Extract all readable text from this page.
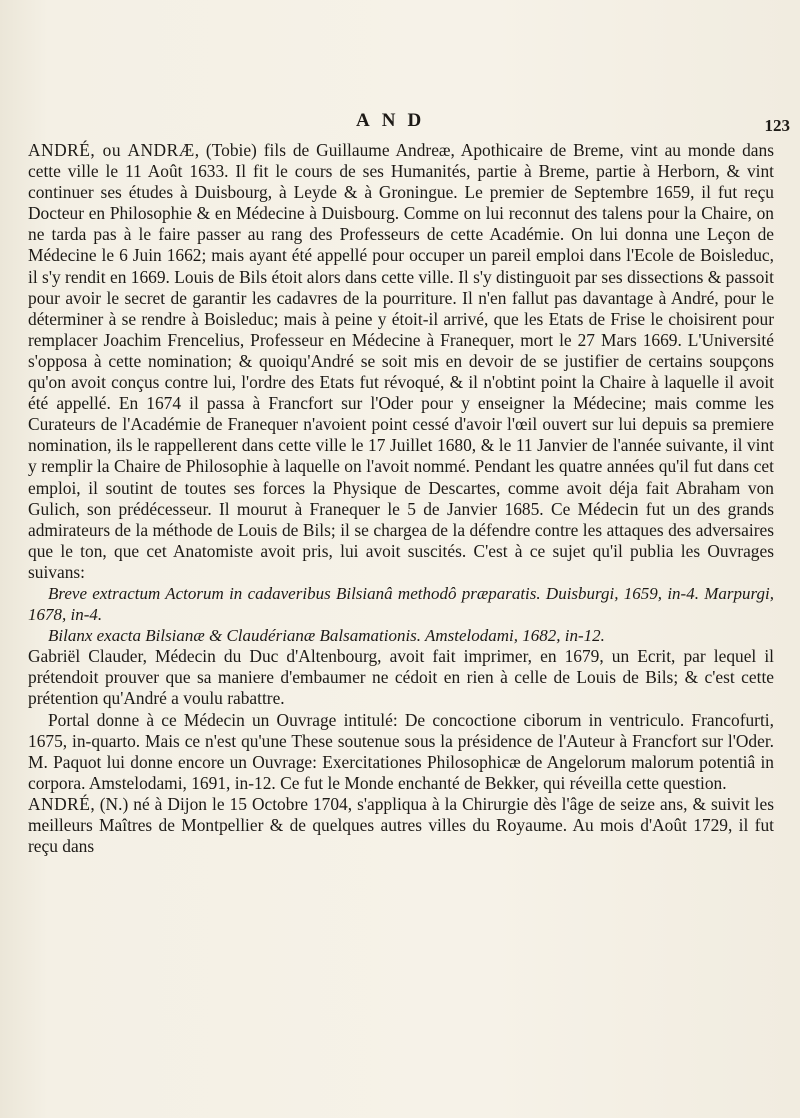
AND	123

ANDRÉ, ou ANDRÆ, (Tobie) fils de Guillaume Andreæ, Apothicaire de Breme, vint au monde dans cette ville le 11 Août 1633. Il fit le cours de ses Humanités, partie à Breme, partie à Herborn, & vint continuer ses études à Duisbourg, à Leyde & à Groningue. Le premier de Septembre 1659, il fut reçu Docteur en Philosophie & en Médecine à Duisbourg. Comme on lui reconnut des talens pour la Chaire, on ne tarda pas à le faire passer au rang des Professeurs de cette Académie. On lui donna une Leçon de Médecine le 6 Juin 1662; mais ayant été appellé pour occuper un pareil emploi dans l'Ecole de Boisleduc, il s'y rendit en 1669. Louis de Bils étoit alors dans cette ville. Il s'y distinguoit par ses dissections & passoit pour avoir le secret de garantir les cadavres de la pourriture. Il n'en fallut pas davantage à André, pour le déterminer à se rendre à Boisleduc; mais à peine y étoit-il arrivé, que les Etats de Frise le choisirent pour remplacer Joachim Frencelius, Professeur en Médecine à Franequer, mort le 27 Mars 1669. L'Université s'opposa à cette nomination; & quoiqu'André se soit mis en devoir de se justifier de certains soupçons qu'on avoit conçus contre lui, l'ordre des Etats fut révoqué, & il n'obtint point la Chaire à laquelle il avoit été appellé. En 1674 il passa à Francfort sur l'Oder pour y enseigner la Médecine; mais comme les Curateurs de l'Académie de Franequer n'avoient point cessé d'avoir l'œil ouvert sur lui depuis sa premiere nomination, ils le rappellerent dans cette ville le 17 Juillet 1680, & le 11 Janvier de l'année suivante, il vint y remplir la Chaire de Philosophie à laquelle on l'avoit nommé. Pendant les quatre années qu'il fut dans cet emploi, il soutint de toutes ses forces la Physique de Descartes, comme avoit déja fait Abraham von Gulich, son prédécesseur. Il mourut à Franequer le 5 de Janvier 1685. Ce Médecin fut un des grands admirateurs de la méthode de Louis de Bils; il se chargea de la défendre contre les attaques des adversaires que le ton, que cet Anatomiste avoit pris, lui avoit suscités. C'est à ce sujet qu'il publia les Ouvrages suivans:

Breve extractum Actorum in cadaveribus Bilsianâ methodô præparatis. Duisburgi, 1659, in-4. Marpurgi, 1678, in-4.

Bilanx exacta Bilsianæ & Claudérianæ Balsamationis. Amstelodami, 1682, in-12.

Gabriël Clauder, Médecin du Duc d'Altenbourg, avoit fait imprimer, en 1679, un Ecrit, par lequel il prétendoit prouver que sa maniere d'embaumer ne cédoit en rien à celle de Louis de Bils; & c'est cette prétention qu'André a voulu rabattre.

Portal donne à ce Médecin un Ouvrage intitulé: De concoctione ciborum in ventriculo. Francofurti, 1675, in-quarto. Mais ce n'est qu'une These soutenue sous la présidence de l'Auteur à Francfort sur l'Oder. M. Paquot lui donne encore un Ouvrage: Exercitationes Philosophicæ de Angelorum malorum potentiâ in corpora. Amstelodami, 1691, in-12. Ce fut le Monde enchanté de Bekker, qui réveilla cette question.

ANDRÉ, (N.) né à Dijon le 15 Octobre 1704, s'appliqua à la Chirurgie dès l'âge de seize ans, & suivit les meilleurs Maîtres de Montpellier & de quelques autres villes du Royaume. Au mois d'Août 1729, il fut reçu dans
